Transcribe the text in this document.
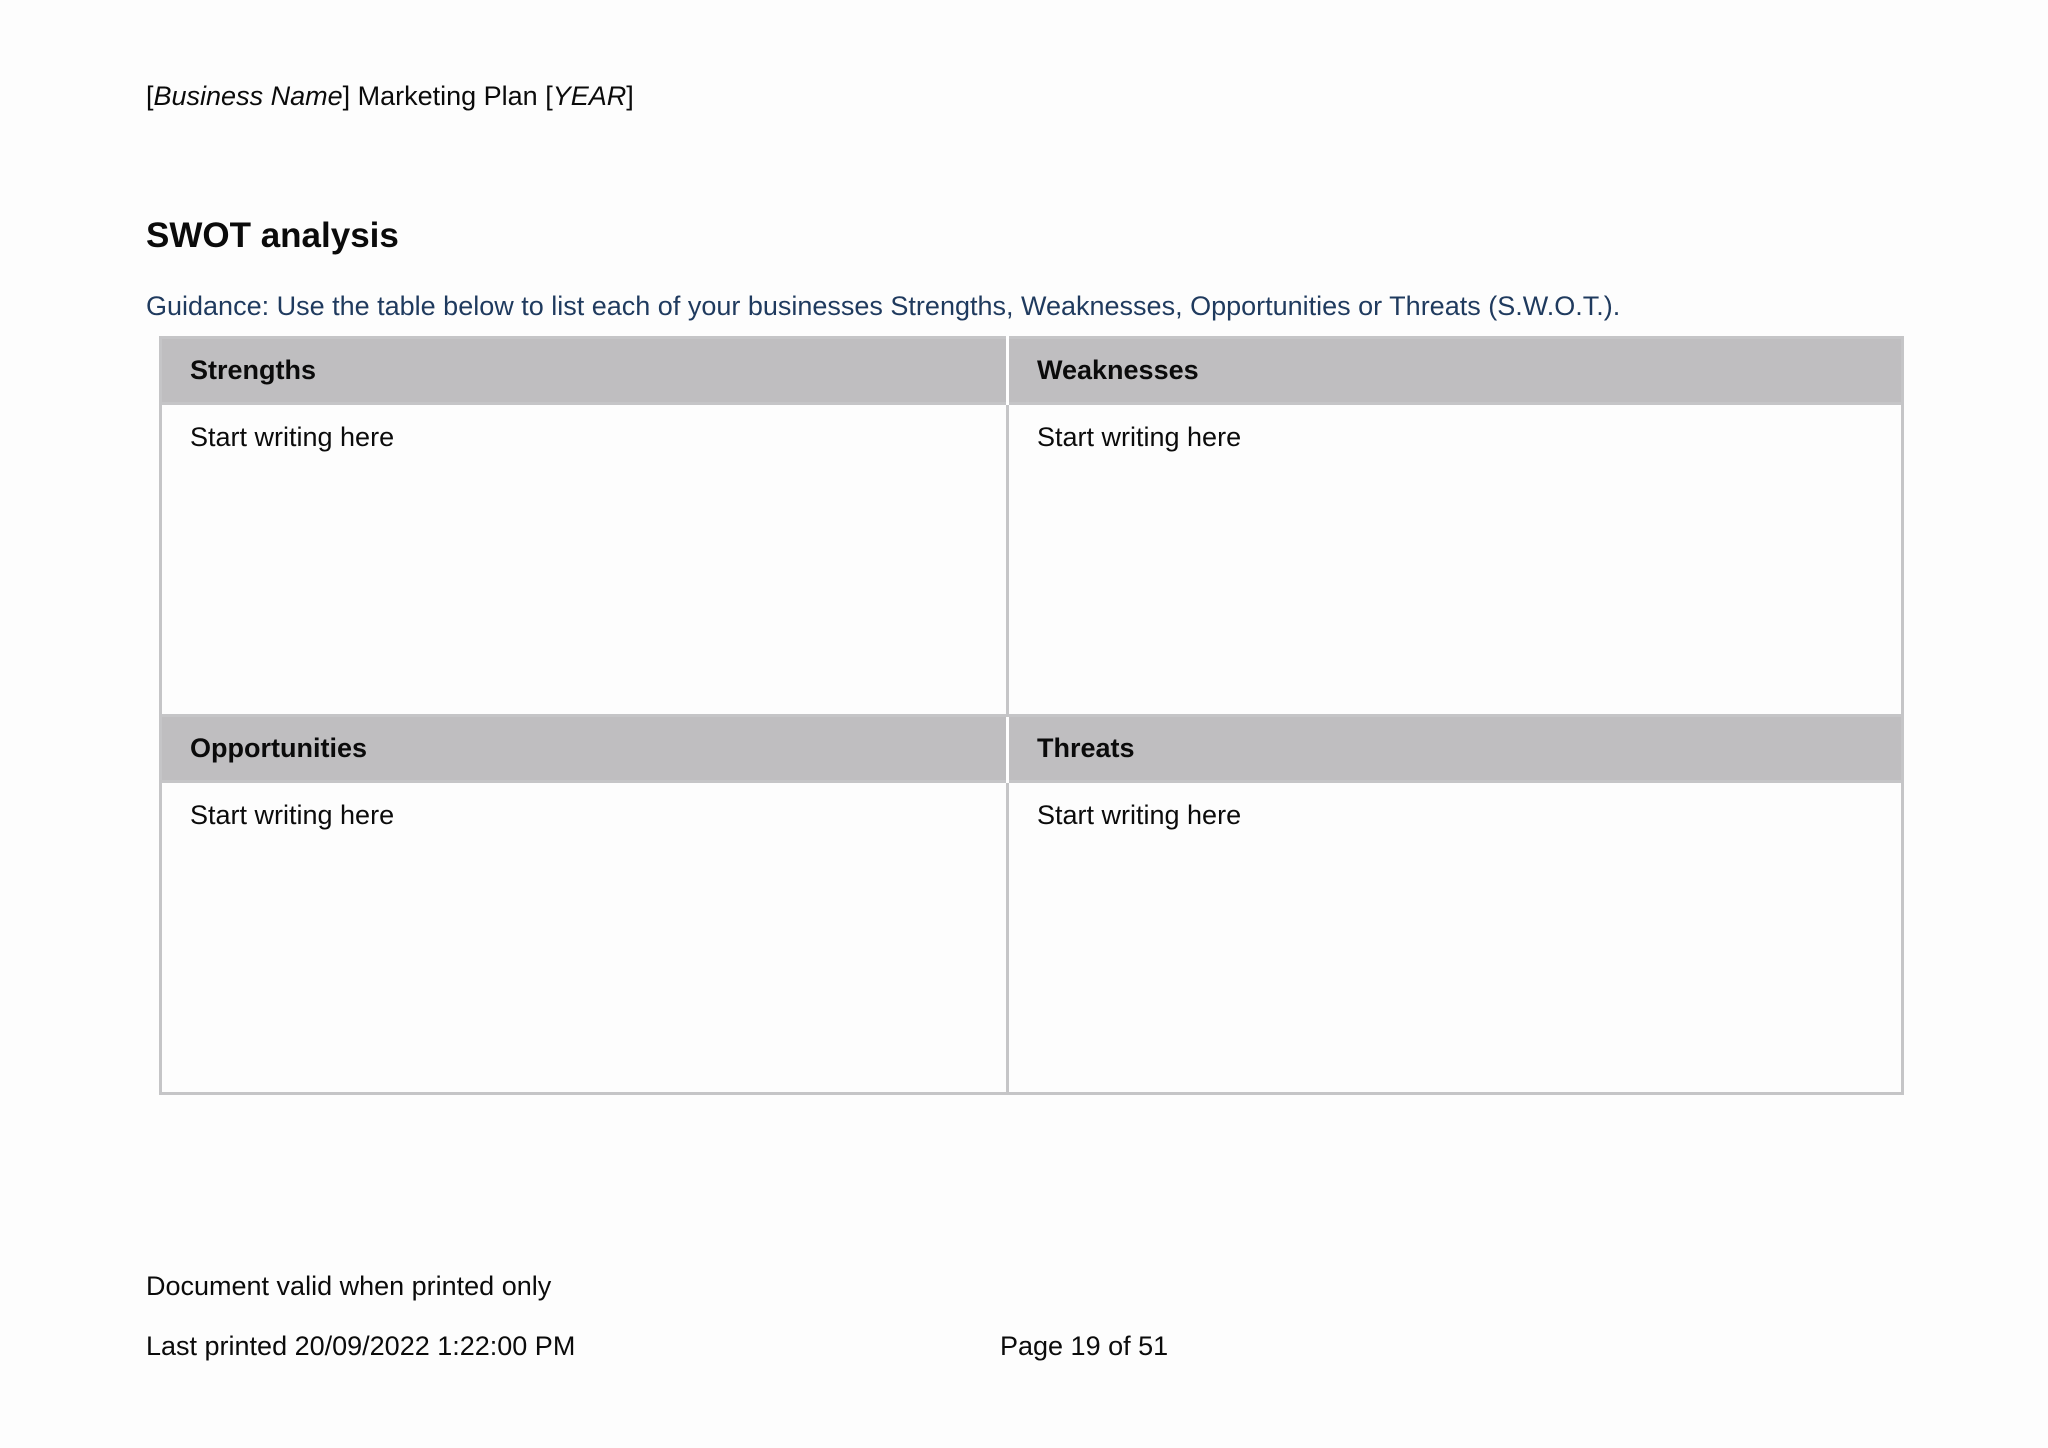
[Business Name] Marketing Plan [YEAR]
SWOT analysis
Guidance: Use the table below to list each of your businesses Strengths, Weaknesses, Opportunities or Threats (S.W.O.T.).
Strengths	Weaknesses
Start writing here	Start writing here
Opportunities	Threats
Start writing here	Start writing here
Document valid when printed only
Last printed 20/09/2022 1:22:00 PM	Page 19 of 51
